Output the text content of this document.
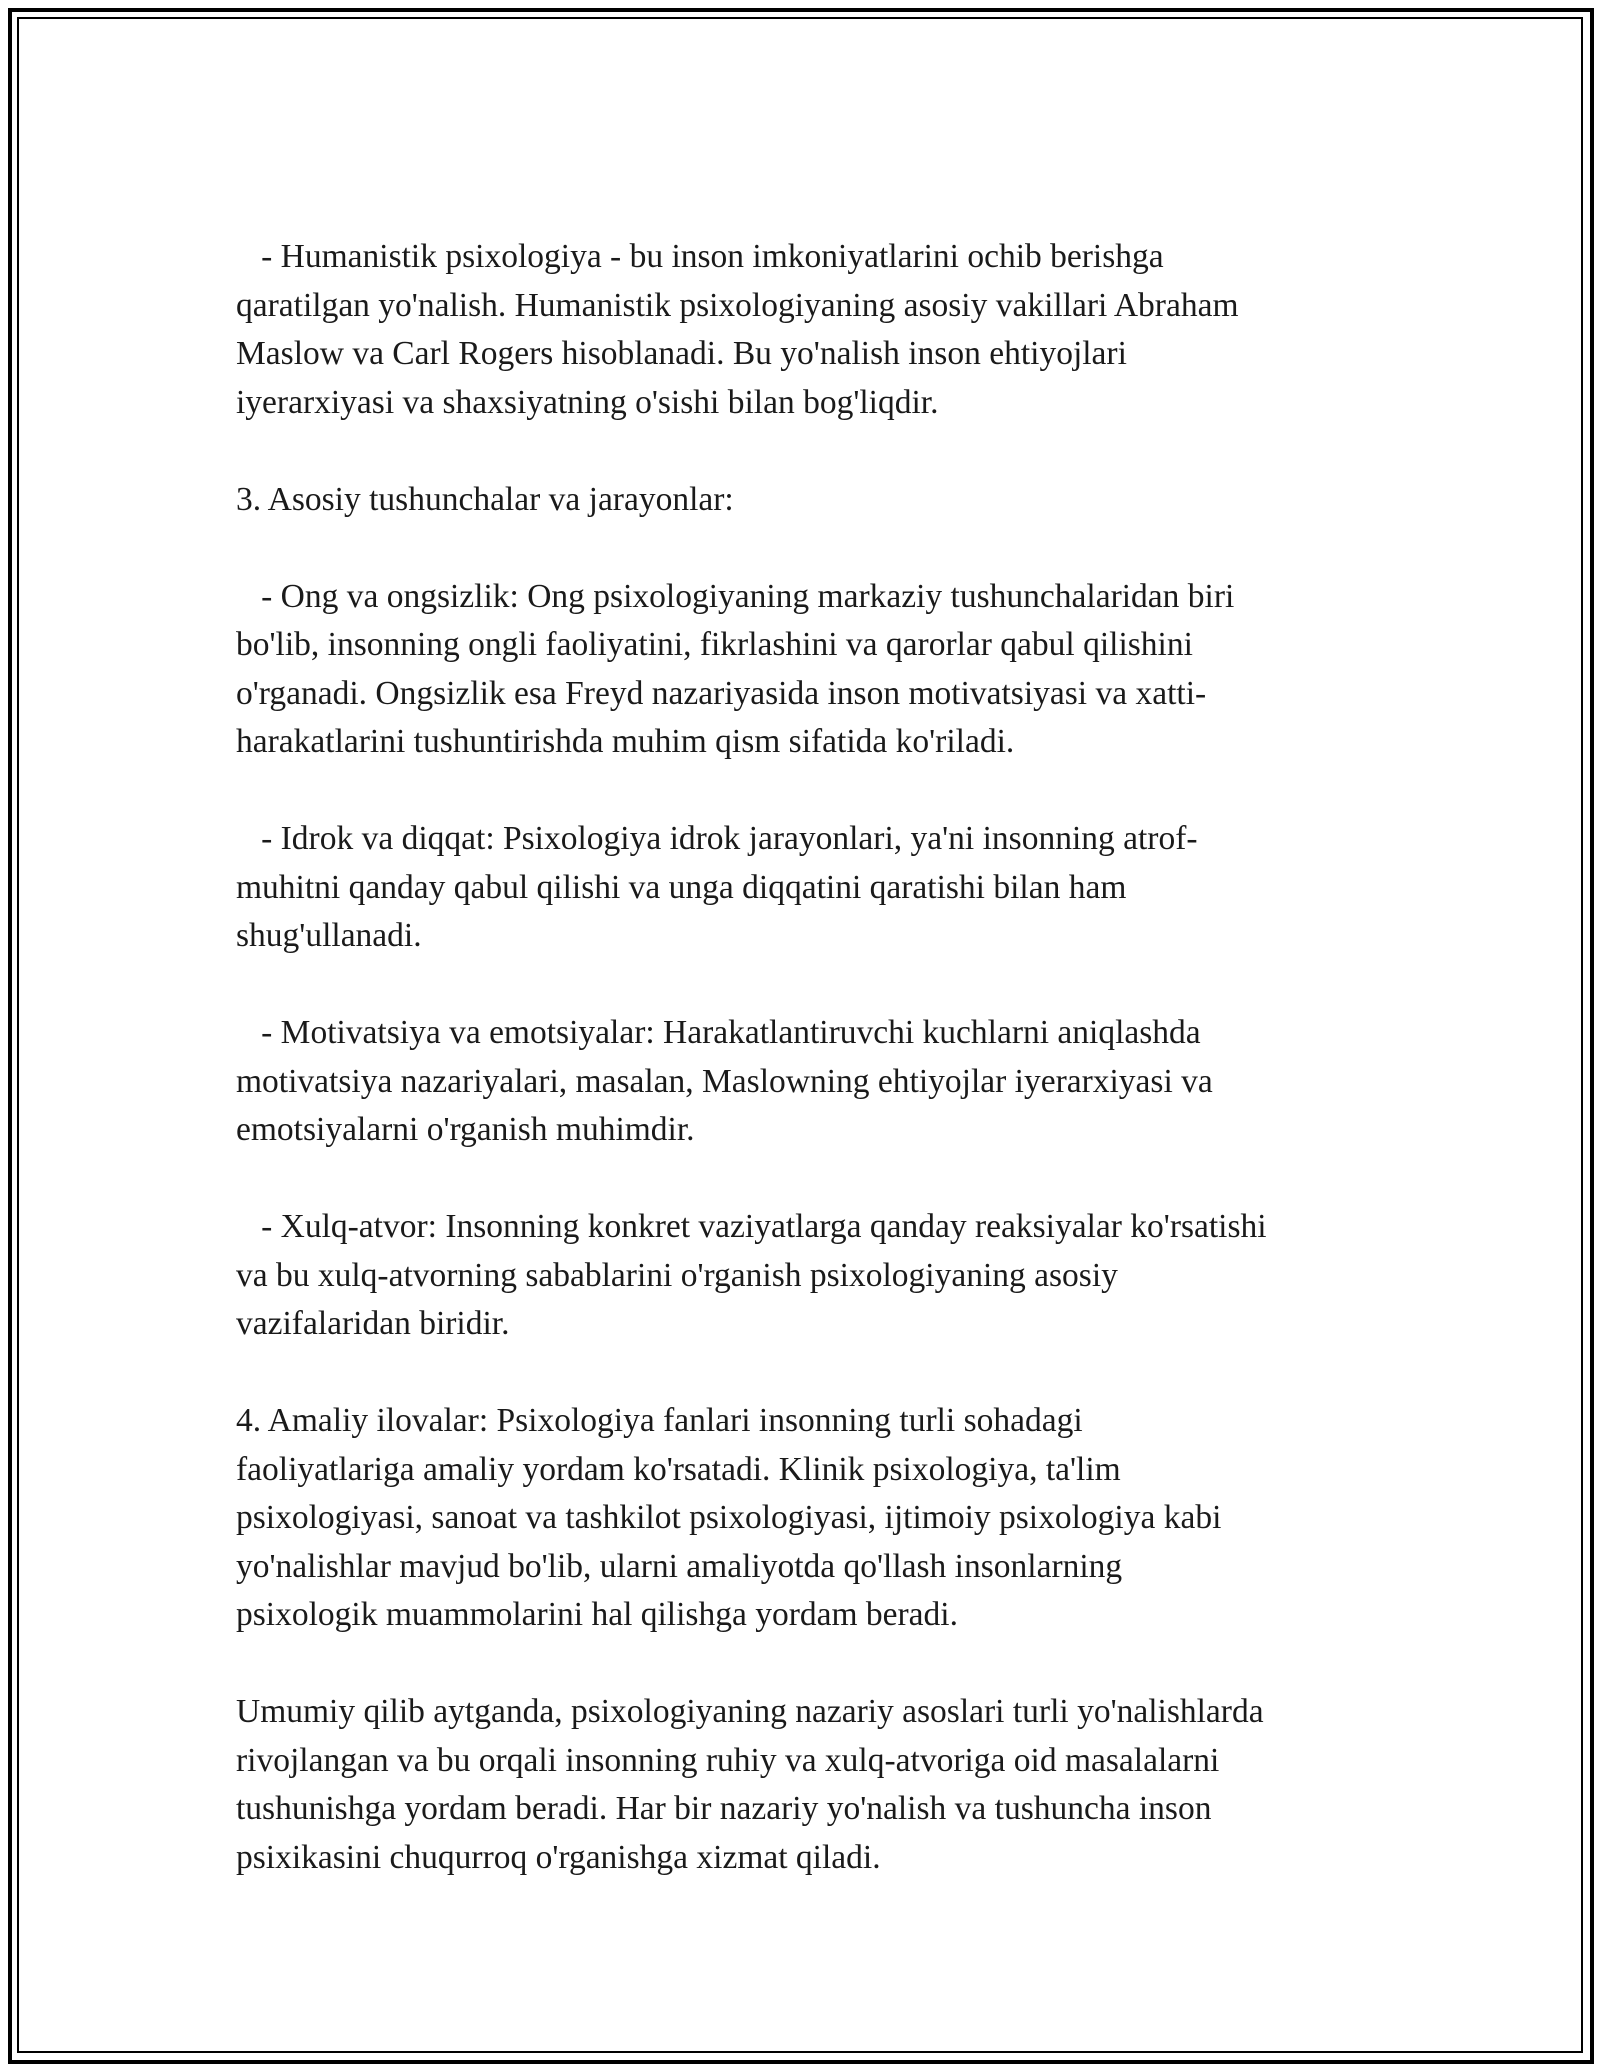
- Humanistik psixologiya - bu inson imkoniyatlarini ochib berishga
qaratilgan yo'nalish. Humanistik psixologiyaning asosiy vakillari Abraham
Maslow va Carl Rogers hisoblanadi. Bu yo'nalish inson ehtiyojlari
iyerarxiyasi va shaxsiyatning o'sishi bilan bog'liqdir.

3. Asosiy tushunchalar va jarayonlar:

- Ong va ongsizlik: Ong psixologiyaning markaziy tushunchalaridan biri
bo'lib, insonning ongli faoliyatini, fikrlashini va qarorlar qabul qilishini
o'rganadi. Ongsizlik esa Freyd nazariyasida inson motivatsiyasi va xatti-
harakatlarini tushuntirishda muhim qism sifatida ko'riladi.

- Idrok va diqqat: Psixologiya idrok jarayonlari, ya'ni insonning atrof-
muhitni qanday qabul qilishi va unga diqqatini qaratishi bilan ham
shug'ullanadi.

- Motivatsiya va emotsiyalar: Harakatlantiruvchi kuchlarni aniqlashda
motivatsiya nazariyalari, masalan, Maslowning ehtiyojlar iyerarxiyasi va
emotsiyalarni o'rganish muhimdir.

- Xulq-atvor: Insonning konkret vaziyatlarga qanday reaksiyalar ko'rsatishi
va bu xulq-atvorning sabablarini o'rganish psixologiyaning asosiy
vazifalaridan biridir.

4. Amaliy ilovalar: Psixologiya fanlari insonning turli sohadagi
faoliyatlariga amaliy yordam ko'rsatadi. Klinik psixologiya, ta'lim
psixologiyasi, sanoat va tashkilot psixologiyasi, ijtimoiy psixologiya kabi
yo'nalishlar mavjud bo'lib, ularni amaliyotda qo'llash insonlarning
psixologik muammolarini hal qilishga yordam beradi.

Umumiy qilib aytganda, psixologiyaning nazariy asoslari turli yo'nalishlarda
rivojlangan va bu orqali insonning ruhiy va xulq-atvoriga oid masalalarni
tushunishga yordam beradi. Har bir nazariy yo'nalish va tushuncha inson
psixikasini chuqurroq o'rganishga xizmat qiladi.
